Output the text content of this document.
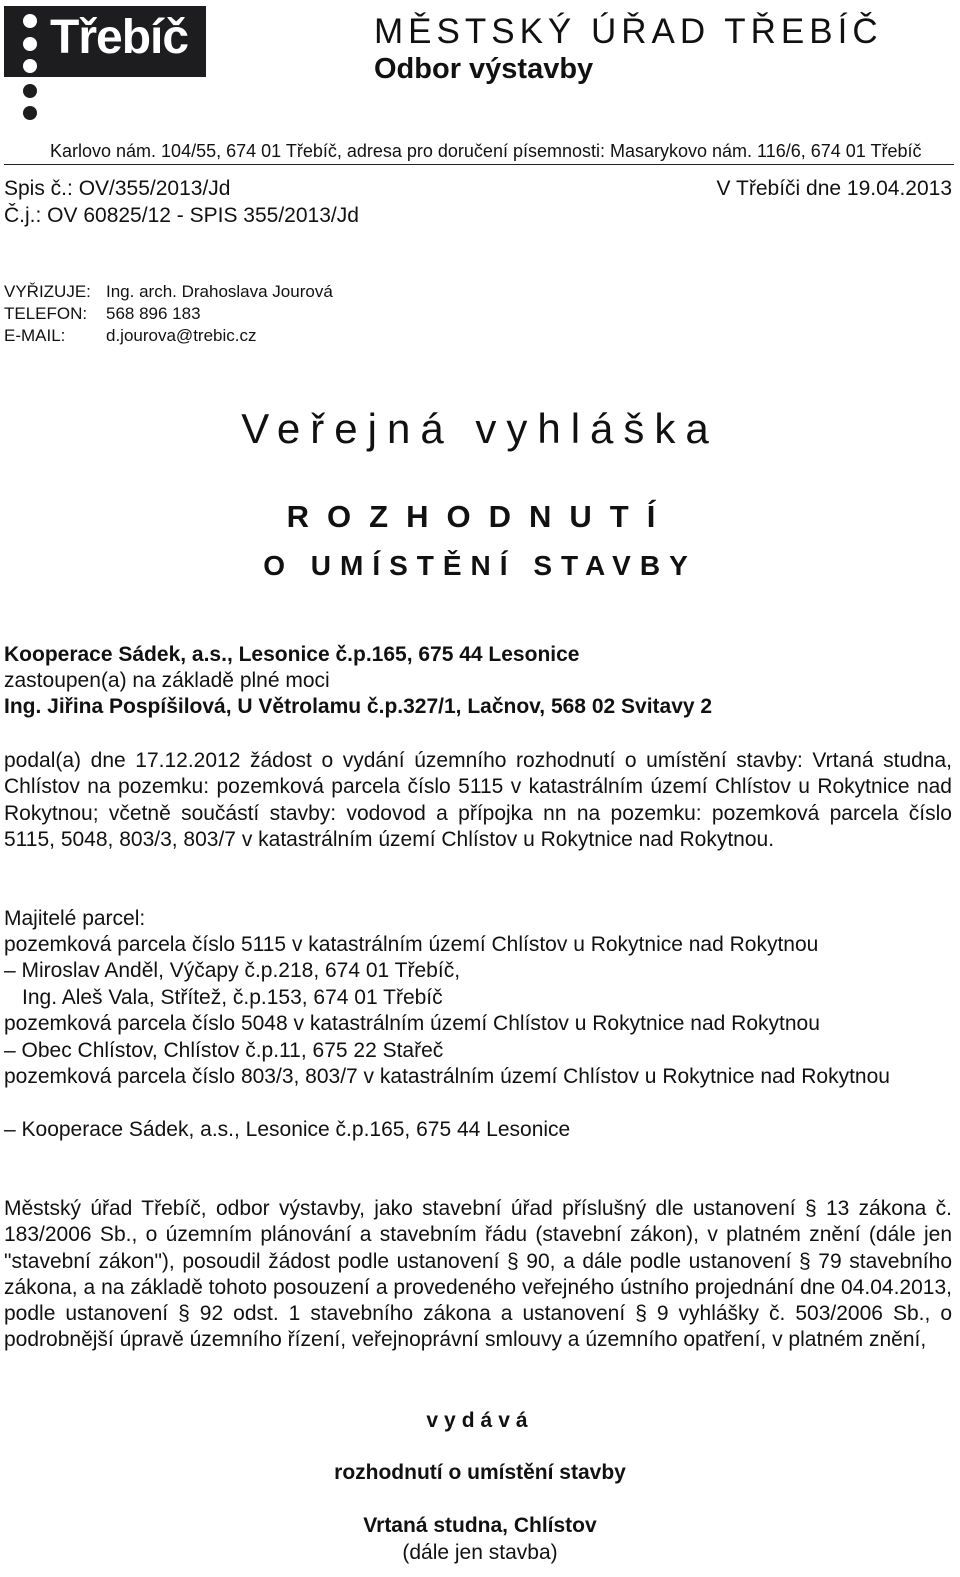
Třebíč	MĚSTSKÝ ÚŘAD TŘEBÍČ
Odbor výstavby
Karlovo nám. 104/55, 674 01 Třebíč, adresa pro doručení písemnosti: Masarykovo nám. 116/6, 674 01 Třebíč
Spis č.: OV/355/2013/Jd
Č.j.: OV 60825/12 - SPIS 355/2013/Jd
V Třebíči dne 19.04.2013
VYŘIZUJE: Ing. arch. Drahoslava Jourová
TELEFON: 568 896 183
E-MAIL: d.jourova@trebic.cz
Veřejná vyhláška
ROZHODNUTÍ
O UMÍSTĚNÍ STAVBY
Kooperace Sádek, a.s., Lesonice č.p.165, 675 44 Lesonice
zastoupen(a) na základě plné moci
Ing. Jiřina Pospíšilová, U Větrolamu č.p.327/1, Lačnov, 568 02 Svitavy 2
podal(a) dne 17.12.2012 žádost o vydání územního rozhodnutí o umístění stavby: Vrtaná studna, Chlístov na pozemku: pozemková parcela číslo 5115 v katastrálním území Chlístov u Rokytnice nad Rokytnou; včetně součástí stavby: vodovod a přípojka nn na pozemku: pozemková parcela číslo 5115, 5048, 803/3, 803/7 v katastrálním území Chlístov u Rokytnice nad Rokytnou.
Majitelé parcel:
pozemková parcela číslo 5115 v katastrálním území Chlístov u Rokytnice nad Rokytnou
– Miroslav Anděl, Výčapy č.p.218, 674 01 Třebíč,
Ing. Aleš Vala, Střítež, č.p.153, 674 01 Třebíč
pozemková parcela číslo 5048 v katastrálním území Chlístov u Rokytnice nad Rokytnou
– Obec Chlístov, Chlístov č.p.11, 675 22 Stařeč
pozemková parcela číslo 803/3, 803/7 v katastrálním území Chlístov u Rokytnice nad Rokytnou
– Kooperace Sádek, a.s., Lesonice č.p.165, 675 44 Lesonice
Městský úřad Třebíč, odbor výstavby, jako stavební úřad příslušný dle ustanovení § 13 zákona č. 183/2006 Sb., o územním plánování a stavebním řádu (stavební zákon), v platném znění (dále jen "stavební zákon"), posoudil žádost podle ustanovení § 90, a dále podle ustanovení § 79 stavebního zákona, a na základě tohoto posouzení a provedeného veřejného ústního projednání dne 04.04.2013, podle ustanovení § 92 odst. 1 stavebního zákona a ustanovení § 9 vyhlášky č. 503/2006 Sb., o podrobnější úpravě územního řízení, veřejnoprávní smlouvy a územního opatření, v platném znění,
vydává
rozhodnutí o umístění stavby
Vrtaná studna, Chlístov
(dále jen stavba)
